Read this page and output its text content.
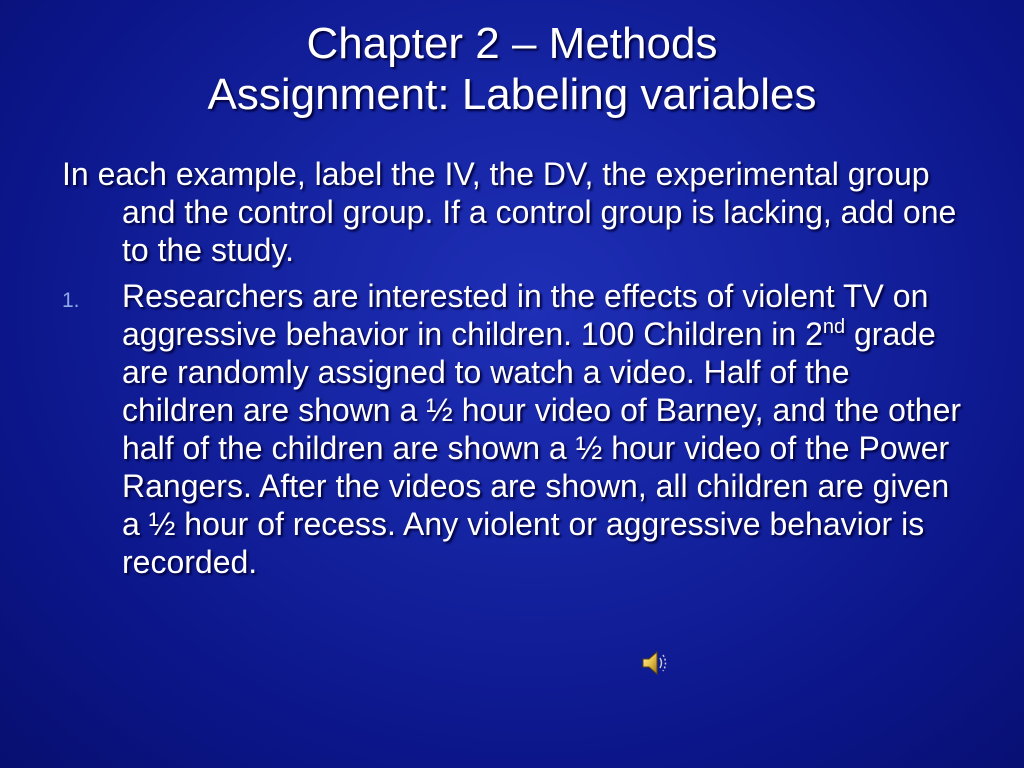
Chapter 2 – Methods
Assignment: Labeling variables

In each example, label the IV, the DV, the experimental group and the control group. If a control group is lacking, add one to the study.

1. Researchers are interested in the effects of violent TV on aggressive behavior in children. 100 Children in 2nd grade are randomly assigned to watch a video. Half of the children are shown a ½ hour video of Barney, and the other half of the children are shown a ½ hour video of the Power Rangers. After the videos are shown, all children are given a ½ hour of recess. Any violent or aggressive behavior is recorded.
